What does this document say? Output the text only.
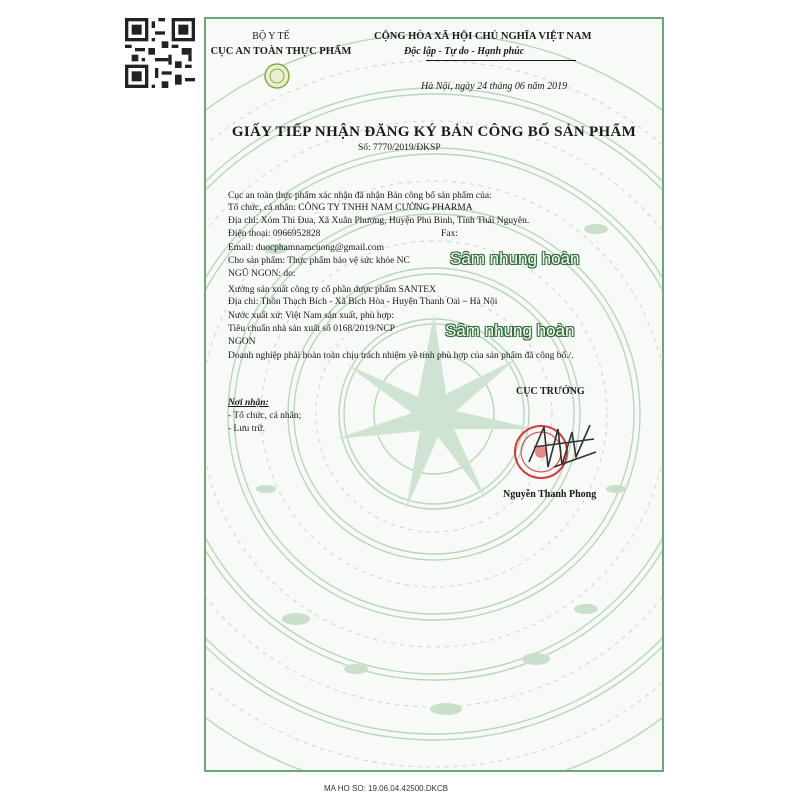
BỘ Y TẾ
CỤC AN TOÀN THỰC PHẨM
CỘNG HÒA XÃ HỘI CHỦ NGHĨA VIỆT NAM
Độc lập - Tự do - Hạnh phúc
Hà Nội, ngày 24 tháng 06 năm 2019
GIẤY TIẾP NHẬN ĐĂNG KÝ BẢN CÔNG BỐ SẢN PHẨM
Số: 7770/2019/ĐKSP
Cục an toàn thực phẩm xác nhận đã nhận Bản công bố sản phẩm của:
Tổ chức, cá nhân: CÔNG TY TNHH NAM CƯỜNG PHARMA
Địa chỉ: Xóm Thi Đua, Xã Xuân Phương, Huyện Phú Bình, Tỉnh Thái Nguyên.
Điện thoại: 0966952828	Fax:
Email: duocphamnamcuong@gmail.com
Cho sản phẩm: Thực phẩm bảo vệ sức khỏe NC
NGŨ NGON: do:
Xưởng sản xuất công ty cổ phần dược phẩm SANTEX
Địa chỉ: Thôn Thạch Bích - Xã Bích Hòa - Huyện Thanh Oai – Hà Nội
Nước xuất xứ: Việt Nam sản xuất, phù hợp:
Tiêu chuẩn nhà sản xuất số 0168/2019/NCP
NGON
Doanh nghiệp phải hoàn toàn chịu trách nhiệm về tính phù hợp của sản phẩm đã công bố./.
Sâm nhung hoàn
Sâm nhung hoàn
CỤC TRƯỞNG
Nguyễn Thanh Phong
Nơi nhận:
- Tổ chức, cá nhân;
- Lưu trữ.
MA HO SO: 19.06.04.42500.DKCB
